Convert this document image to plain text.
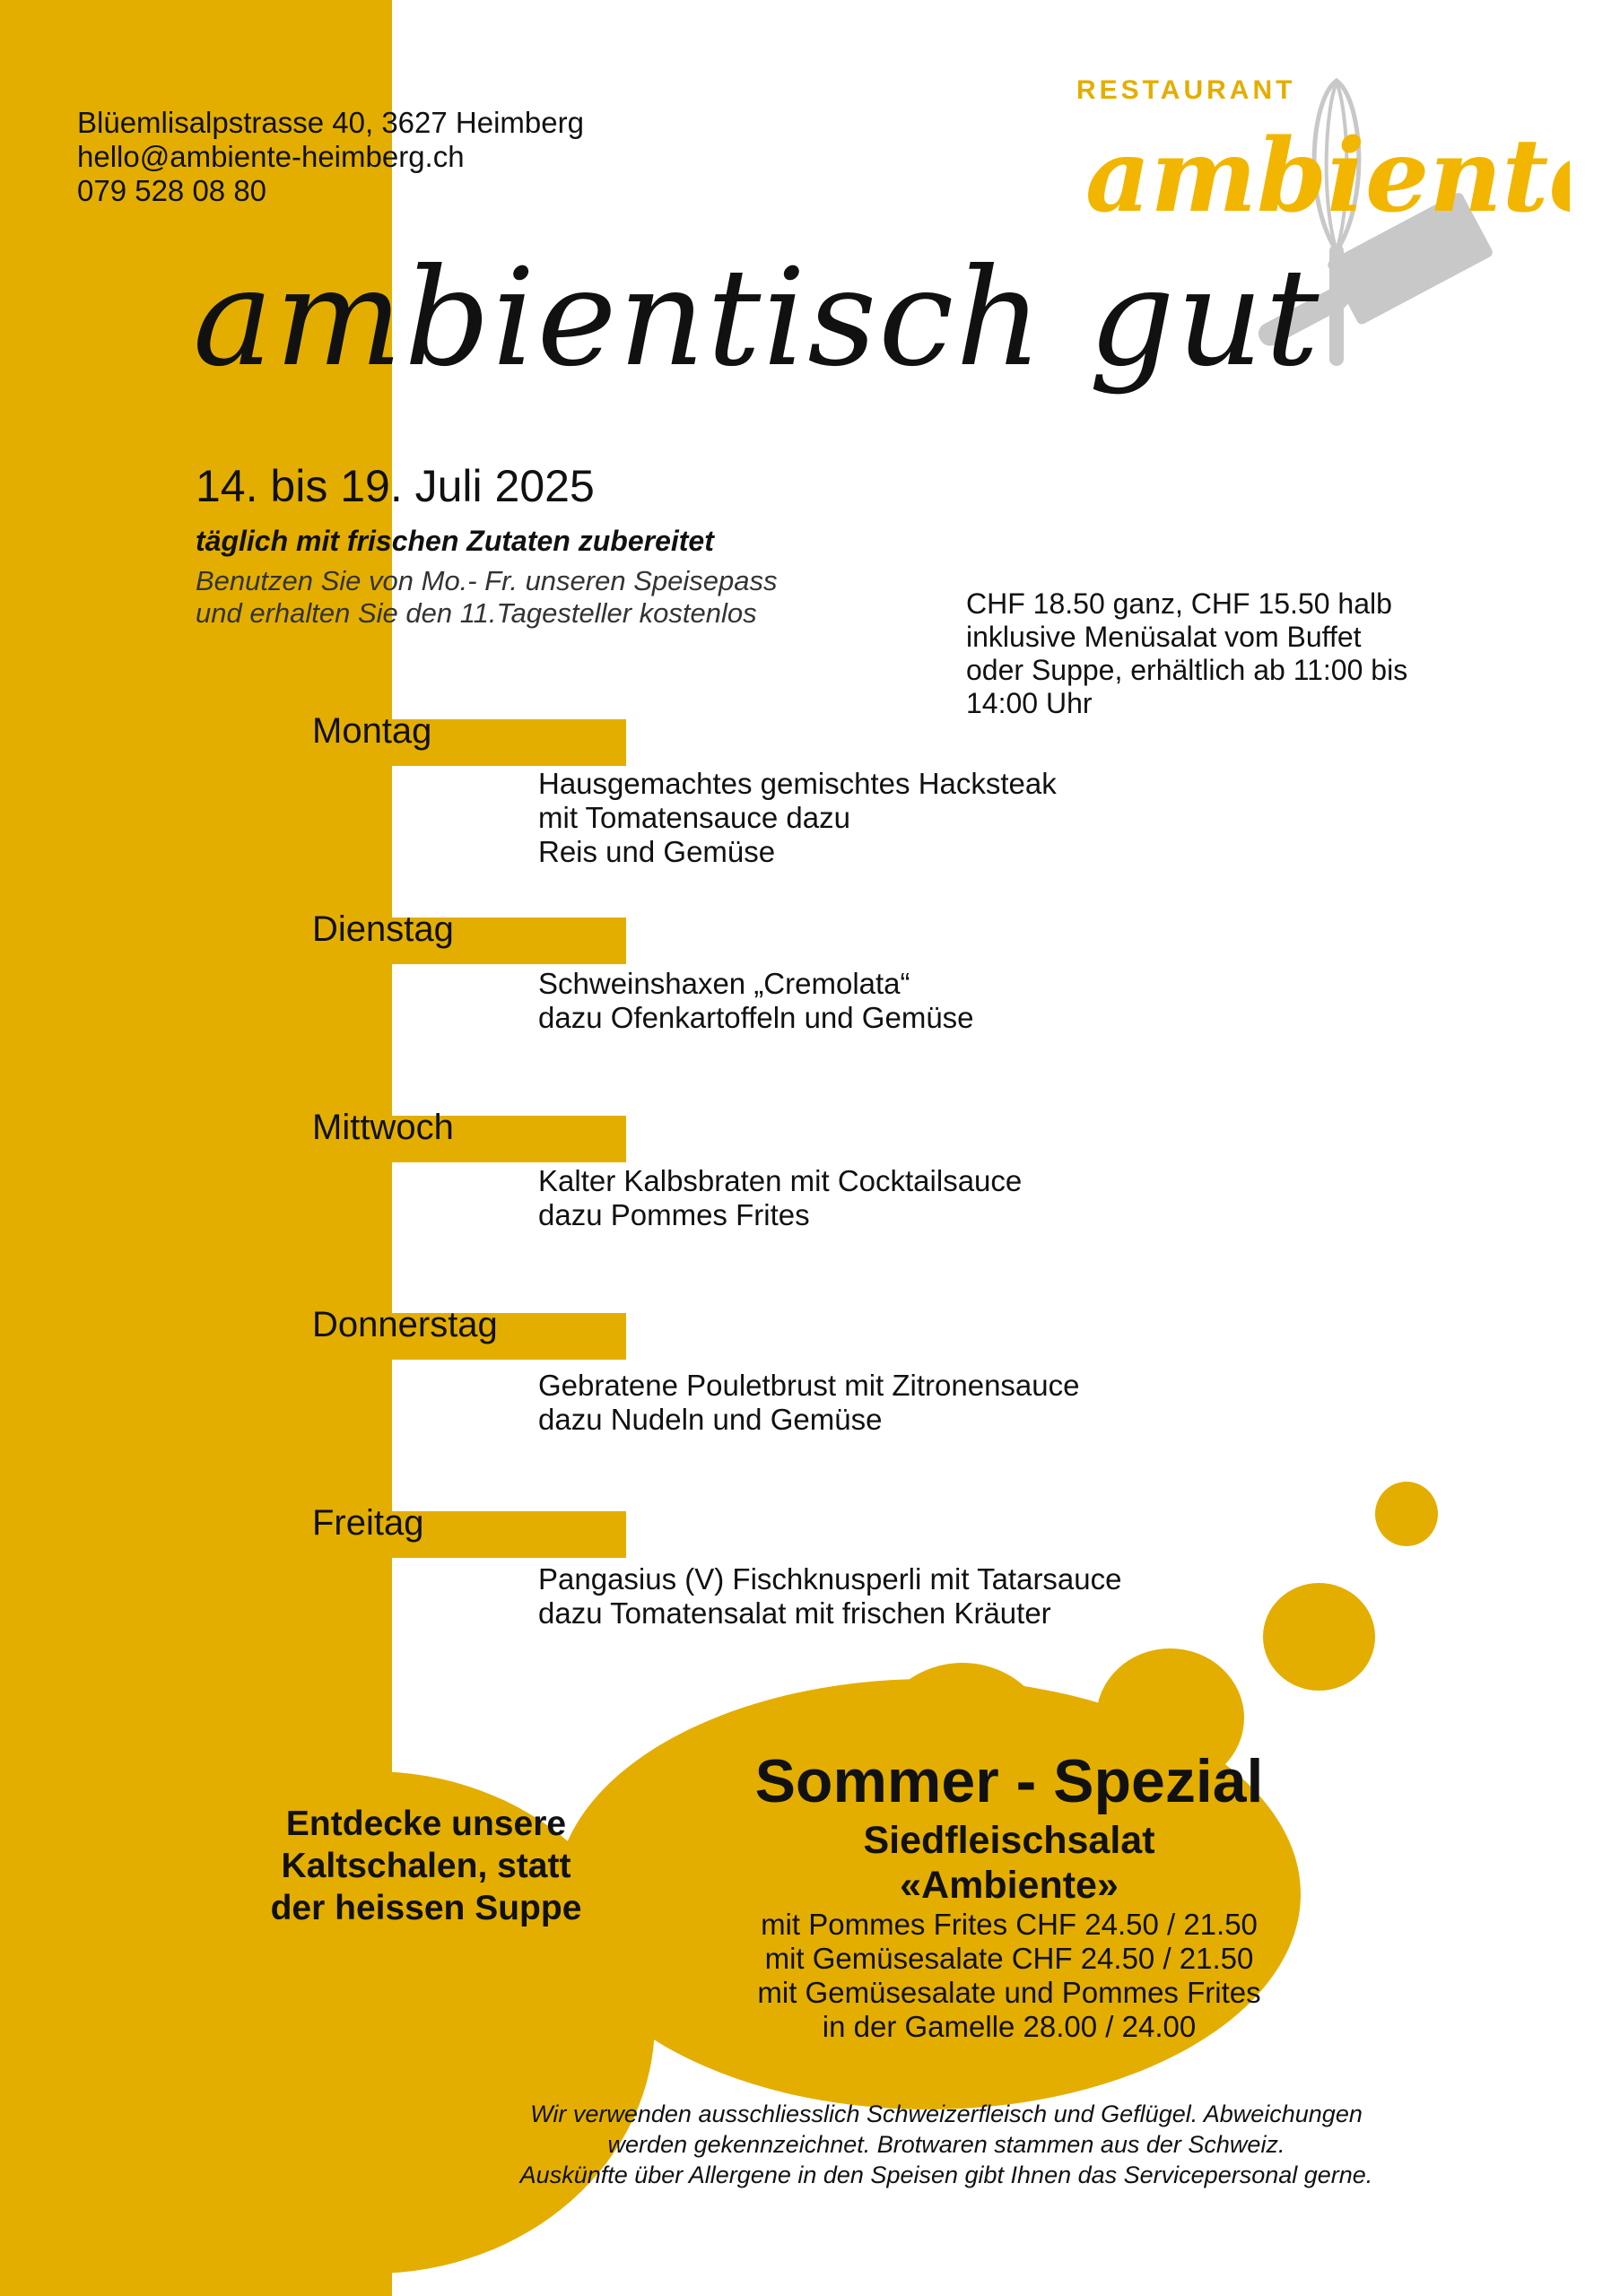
Blüemlisalpstrasse 40, 3627 Heimberg
hello@ambiente-heimberg.ch
079 528 08 80
RESTAURANT
ambiente
ambientisch gut
14. bis 19. Juli 2025
täglich mit frischen Zutaten zubereitet
Benutzen Sie von Mo.- Fr. unseren Speisepass
und erhalten Sie den 11.Tagesteller kostenlos	CHF 18.50 ganz, CHF 15.50 halb
inklusive Menüsalat vom Buffet
oder Suppe, erhältlich ab 11:00 bis
14:00 Uhr
Montag
Hausgemachtes gemischtes Hacksteak
mit Tomatensauce dazu
Reis und Gemüse
Dienstag
Schweinshaxen „Cremolata“
dazu Ofenkartoffeln und Gemüse
Mittwoch
Kalter Kalbsbraten mit Cocktailsauce
dazu Pommes Frites
Donnerstag
Gebratene Pouletbrust mit Zitronensauce
dazu Nudeln und Gemüse
Freitag
Pangasius (V) Fischknusperli mit Tatarsauce
dazu Tomatensalat mit frischen Kräuter
Entdecke unsere
Kaltschalen, statt
der heissen Suppe
Sommer - Spezial
Siedfleischsalat
«Ambiente»
mit Pommes Frites CHF 24.50 / 21.50
mit Gemüsesalate CHF 24.50 / 21.50
mit Gemüsesalate und Pommes Frites
in der Gamelle 28.00 / 24.00
Wir verwenden ausschliesslich Schweizerfleisch und Geflügel. Abweichungen
werden gekennzeichnet. Brotwaren stammen aus der Schweiz.
Auskünfte über Allergene in den Speisen gibt Ihnen das Servicepersonal gerne.
